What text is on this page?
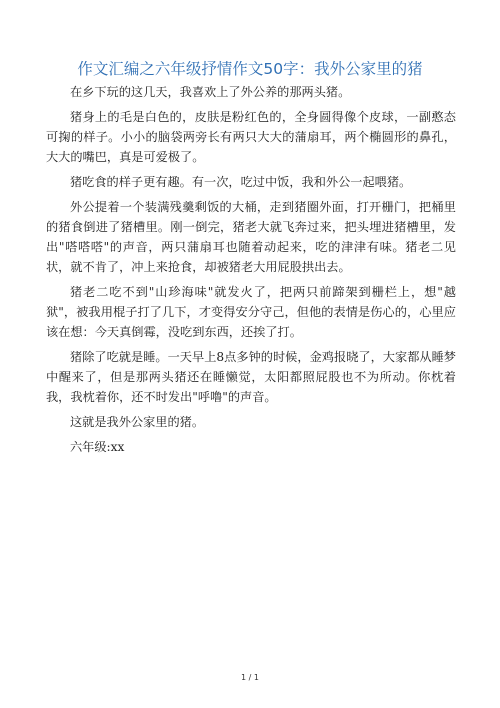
作文汇编之六年级抒情作文50字：我外公家里的猪

在乡下玩的这几天，我喜欢上了外公养的那两头猪。

猪身上的毛是白色的，皮肤是粉红色的，全身圆得像个皮球，一副憨态可掬的样子。小小的脑袋两旁长有两只大大的蒲扇耳，两个椭圆形的鼻孔，大大的嘴巴，真是可爱极了。

猪吃食的样子更有趣。有一次，吃过中饭，我和外公一起喂猪。

外公提着一个装满残羹剩饭的大桶，走到猪圈外面，打开栅门，把桶里的猪食倒进了猪槽里。刚一倒完，猪老大就飞奔过来，把头埋进猪槽里，发出"嗒嗒嗒"的声音，两只蒲扇耳也随着动起来，吃的津津有味。猪老二见状，就不肯了，冲上来抢食，却被猪老大用屁股拱出去。

猪老二吃不到"山珍海味"就发火了，把两只前蹄架到栅栏上，想"越狱"，被我用棍子打了几下，才变得安分守己，但他的表情是伤心的，心里应该在想：今天真倒霉，没吃到东西，还挨了打。

猪除了吃就是睡。一天早上8点多钟的时候，金鸡报晓了，大家都从睡梦中醒来了，但是那两头猪还在睡懒觉，太阳都照屁股也不为所动。你枕着我，我枕着你，还不时发出"呼噜"的声音。

这就是我外公家里的猪。

六年级:xx

1 / 1
